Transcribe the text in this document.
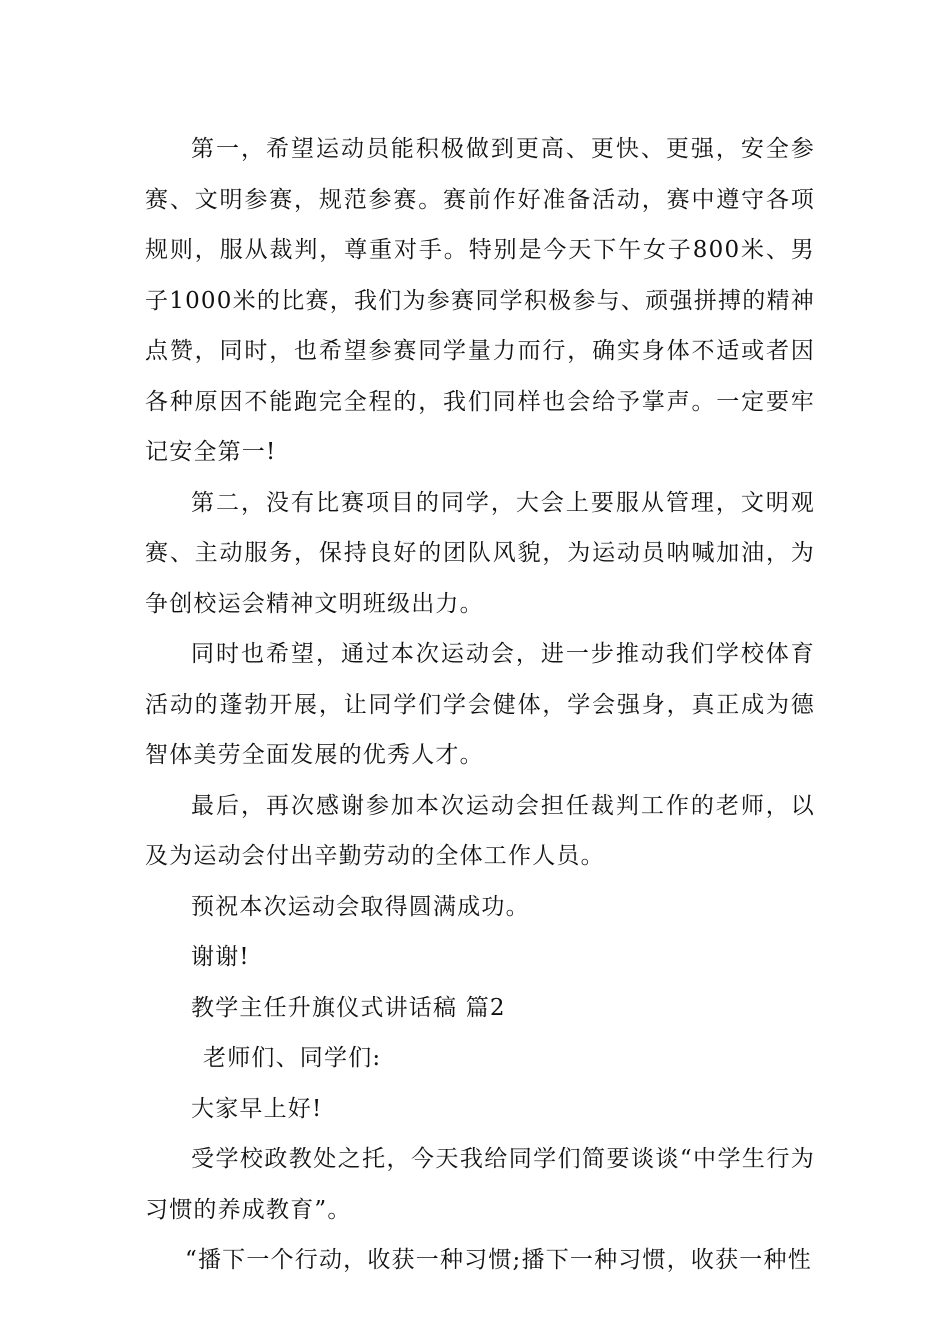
第一，希望运动员能积极做到更高、更快、更强，安全参赛、文明参赛，规范参赛。赛前作好准备活动，赛中遵守各项规则，服从裁判，尊重对手。特别是今天下午女子800米、男子1000米的比赛，我们为参赛同学积极参与、顽强拼搏的精神点赞，同时，也希望参赛同学量力而行，确实身体不适或者因各种原因不能跑完全程的，我们同样也会给予掌声。一定要牢记安全第一!

第二，没有比赛项目的同学，大会上要服从管理，文明观赛、主动服务，保持良好的团队风貌，为运动员呐喊加油，为争创校运会精神文明班级出力。

同时也希望，通过本次运动会，进一步推动我们学校体育活动的蓬勃开展，让同学们学会健体，学会强身，真正成为德智体美劳全面发展的优秀人才。

最后，再次感谢参加本次运动会担任裁判工作的老师，以及为运动会付出辛勤劳动的全体工作人员。

预祝本次运动会取得圆满成功。

谢谢!

教学主任升旗仪式讲话稿 篇2

老师们、同学们:

大家早上好!

受学校政教处之托，今天我给同学们简要谈谈“中学生行为习惯的养成教育”。

“播下一个行动，收获一种习惯;播下一种习惯，收获一种性
